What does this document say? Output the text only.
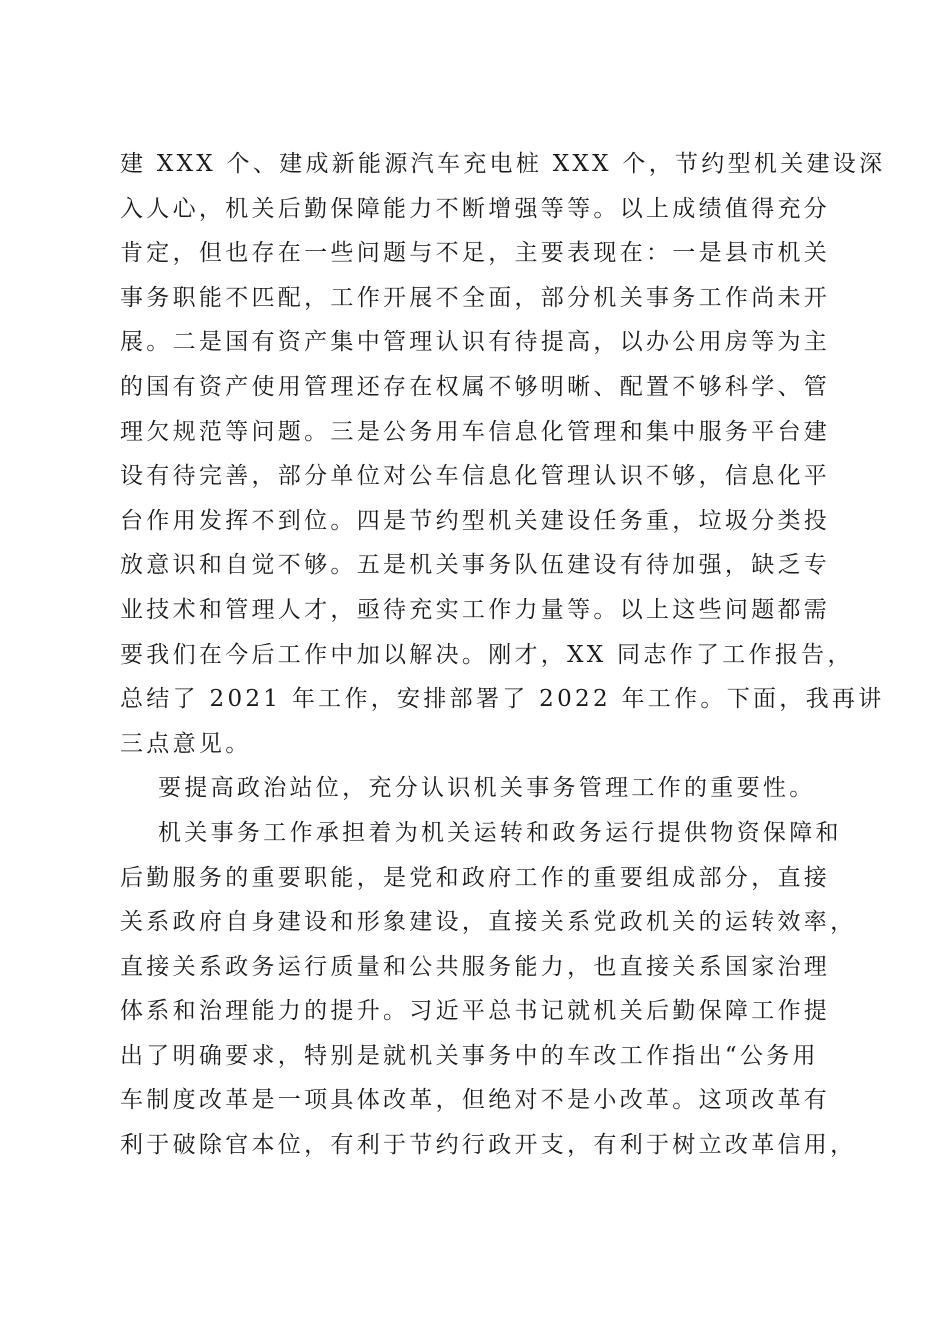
建 XXX 个、建成新能源汽车充电桩 XXX 个，节约型机关建设深
入人心，机关后勤保障能力不断增强等等。以上成绩值得充分
肯定，但也存在一些问题与不足，主要表现在：一是县市机关
事务职能不匹配，工作开展不全面，部分机关事务工作尚未开
展。二是国有资产集中管理认识有待提高，以办公用房等为主
的国有资产使用管理还存在权属不够明晰、配置不够科学、管
理欠规范等问题。三是公务用车信息化管理和集中服务平台建
设有待完善，部分单位对公车信息化管理认识不够，信息化平
台作用发挥不到位。四是节约型机关建设任务重，垃圾分类投
放意识和自觉不够。五是机关事务队伍建设有待加强，缺乏专
业技术和管理人才，亟待充实工作力量等。以上这些问题都需
要我们在今后工作中加以解决。刚才，XX 同志作了工作报告，
总结了 2021 年工作，安排部署了 2022 年工作。下面，我再讲
三点意见。
要提高政治站位，充分认识机关事务管理工作的重要性。
机关事务工作承担着为机关运转和政务运行提供物资保障和
后勤服务的重要职能，是党和政府工作的重要组成部分，直接
关系政府自身建设和形象建设，直接关系党政机关的运转效率，
直接关系政务运行质量和公共服务能力，也直接关系国家治理
体系和治理能力的提升。习近平总书记就机关后勤保障工作提
出了明确要求，特别是就机关事务中的车改工作指出“公务用
车制度改革是一项具体改革，但绝对不是小改革。这项改革有
利于破除官本位，有利于节约行政开支，有利于树立改革信用，
